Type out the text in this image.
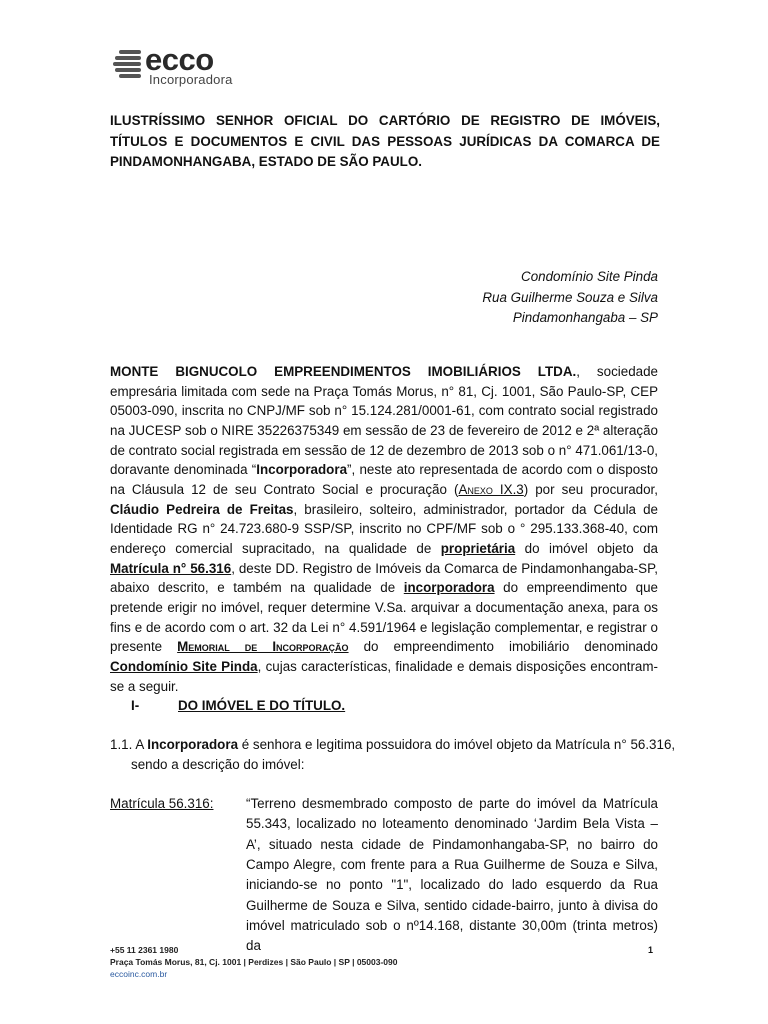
ecco
Incorporadora
ILUSTRÍSSIMO SENHOR OFICIAL DO CARTÓRIO DE REGISTRO DE IMÓVEIS, TÍTULOS E DOCUMENTOS E CIVIL DAS PESSOAS JURÍDICAS DA COMARCA DE PINDAMONHANGABA, ESTADO DE SÃO PAULO.
Condomínio Site Pinda
Rua Guilherme Souza e Silva
Pindamonhangaba – SP
MONTE BIGNUCOLO EMPREENDIMENTOS IMOBILIÁRIOS LTDA., sociedade empresária limitada com sede na Praça Tomás Morus, n° 81, Cj. 1001, São Paulo-SP, CEP 05003-090, inscrita no CNPJ/MF sob n° 15.124.281/0001-61, com contrato social registrado na JUCESP sob o NIRE 35226375349 em sessão de 23 de fevereiro de 2012 e 2ª alteração de contrato social registrada em sessão de 12 de dezembro de 2013 sob o n° 471.061/13-0, doravante denominada “Incorporadora”, neste ato representada de acordo com o disposto na Cláusula 12 de seu Contrato Social e procuração (Anexo IX.3) por seu procurador, Cláudio Pedreira de Freitas, brasileiro, solteiro, administrador, portador da Cédula de Identidade RG n° 24.723.680-9 SSP/SP, inscrito no CPF/MF sob o ° 295.133.368-40, com endereço comercial supracitado, na qualidade de proprietária do imóvel objeto da Matrícula n° 56.316, deste DD. Registro de Imóveis da Comarca de Pindamonhangaba-SP, abaixo descrito, e também na qualidade de incorporadora do empreendimento que pretende erigir no imóvel, requer determine V.Sa. arquivar a documentação anexa, para os fins e de acordo com o art. 32 da Lei n° 4.591/1964 e legislação complementar, e registrar o presente Memorial de Incorporação do empreendimento imobiliário denominado Condomínio Site Pinda, cujas características, finalidade e demais disposições encontram-se a seguir.
I-	DO IMÓVEL E DO TÍTULO.
1.1. A Incorporadora é senhora e legitima possuidora do imóvel objeto da Matrícula n° 56.316,
sendo a descrição do imóvel:
Matrícula 56.316: “Terreno desmembrado composto de parte do imóvel da Matrícula 55.343, localizado no loteamento denominado ‘Jardim Bela Vista – A’, situado nesta cidade de Pindamonhangaba-SP, no bairro do Campo Alegre, com frente para a Rua Guilherme de Souza e Silva, iniciando-se no ponto "1", localizado do lado esquerdo da Rua Guilherme de Souza e Silva, sentido cidade-bairro, junto à divisa do imóvel matriculado sob o nº14.168, distante 30,00m (trinta metros) da
+55 11 2361 1980
Praça Tomás Morus, 81, Cj. 1001 | Perdizes | São Paulo | SP | 05003-090
eccoinc.com.br
1
